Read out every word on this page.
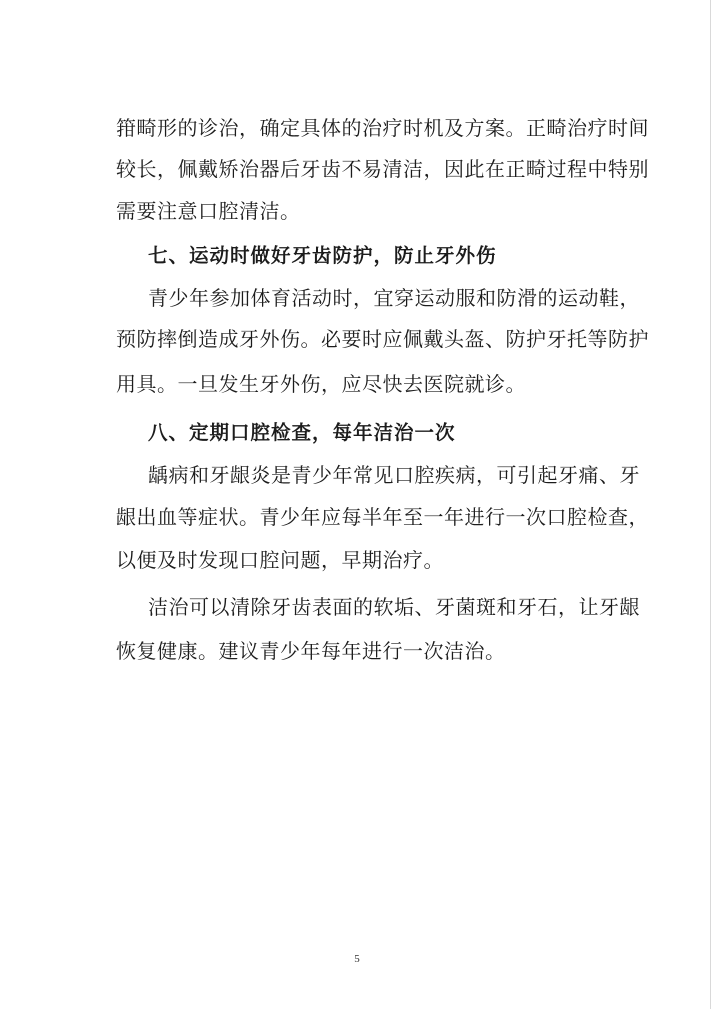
箝畸形的诊治，确定具体的治疗时机及方案。正畸治疗时间
较长，佩戴矫治器后牙齿不易清洁，因此在正畸过程中特别
需要注意口腔清洁。
七、运动时做好牙齿防护，防止牙外伤
青少年参加体育活动时，宜穿运动服和防滑的运动鞋，
预防摔倒造成牙外伤。必要时应佩戴头盔、防护牙托等防护
用具。一旦发生牙外伤，应尽快去医院就诊。
八、定期口腔检查，每年洁治一次
龋病和牙龈炎是青少年常见口腔疾病，可引起牙痛、牙
龈出血等症状。青少年应每半年至一年进行一次口腔检查，
以便及时发现口腔问题，早期治疗。
洁治可以清除牙齿表面的软垢、牙菌斑和牙石，让牙龈
恢复健康。建议青少年每年进行一次洁治。
5
